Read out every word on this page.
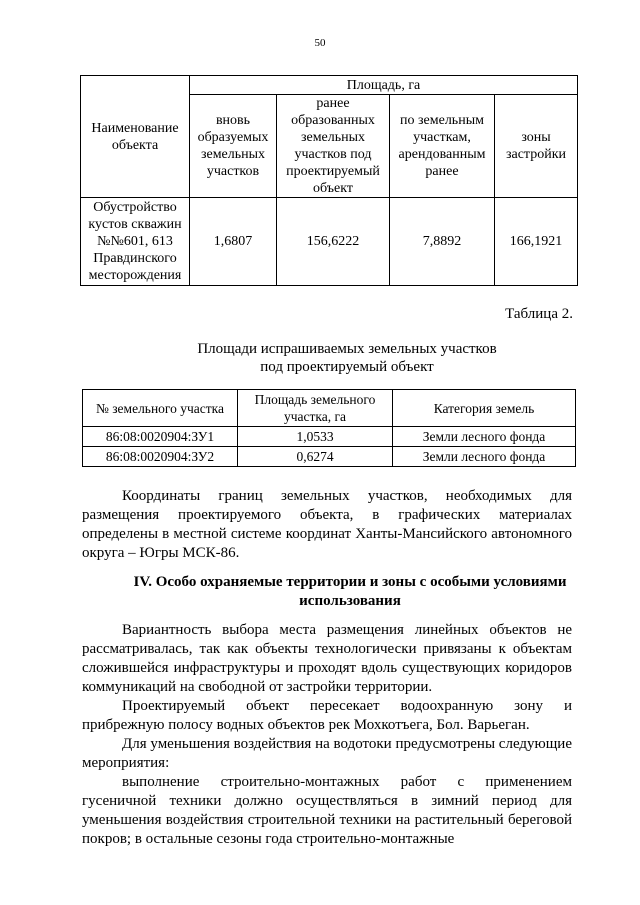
50
Наименование объекта	Площадь, га			
	вновь образуемых земельных участков	ранее образованных земельных участков под проектируемый объект	по земельным участкам, арендованным ранее	зоны застройки
Обустройство кустов скважин №№601, 613 Правдинского месторождения	1,6807	156,6222	7,8892	166,1921
Таблица 2.
Площади испрашиваемых земельных участков
под проектируемый объект
№ земельного участка	Площадь земельного участка, га	Категория земель
86:08:0020904:ЗУ1	1,0533	Земли лесного фонда
86:08:0020904:ЗУ2	0,6274	Земли лесного фонда
Координаты границ земельных участков, необходимых для размещения проектируемого объекта, в графических материалах определены в местной системе координат Ханты-Мансийского автономного округа – Югры МСК-86.
IV. Особо охраняемые территории и зоны с особыми условиями использования
Вариантность выбора места размещения линейных объектов не рассматривалась, так как объекты технологически привязаны к объектам сложившейся инфраструктуры и проходят вдоль существующих коридоров коммуникаций на свободной от застройки территории.
Проектируемый объект пересекает водоохранную зону и прибрежную полосу водных объектов рек Мохкотъега, Бол. Варьеган.
Для уменьшения воздействия на водотоки предусмотрены следующие мероприятия:
выполнение строительно-монтажных работ с применением гусеничной техники должно осуществляться в зимний период для уменьшения воздействия строительной техники на растительный береговой покров; в остальные сезоны года строительно-монтажные
